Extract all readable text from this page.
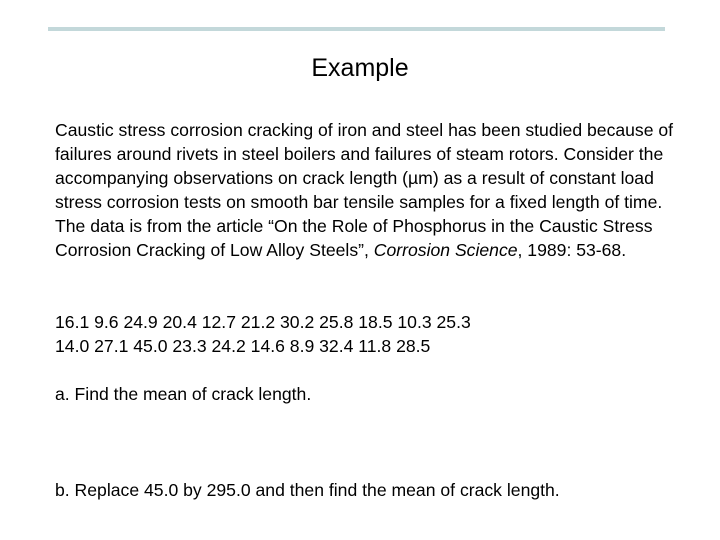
Example

Caustic stress corrosion cracking of iron and steel has been studied because of failures around rivets in steel boilers and failures of steam rotors. Consider the accompanying observations on crack length (µm) as a result of constant load stress corrosion tests on smooth bar tensile samples for a fixed length of time. The data is from the article “On the Role of Phosphorus in the Caustic Stress Corrosion Cracking of Low Alloy Steels”, Corrosion Science, 1989: 53-68.

16.1 9.6 24.9 20.4 12.7 21.2 30.2 25.8 18.5 10.3 25.3
14.0 27.1 45.0 23.3 24.2 14.6 8.9 32.4 11.8 28.5
a. Find the mean of crack length.
b. Replace 45.0 by 295.0 and then find the mean of crack length.
